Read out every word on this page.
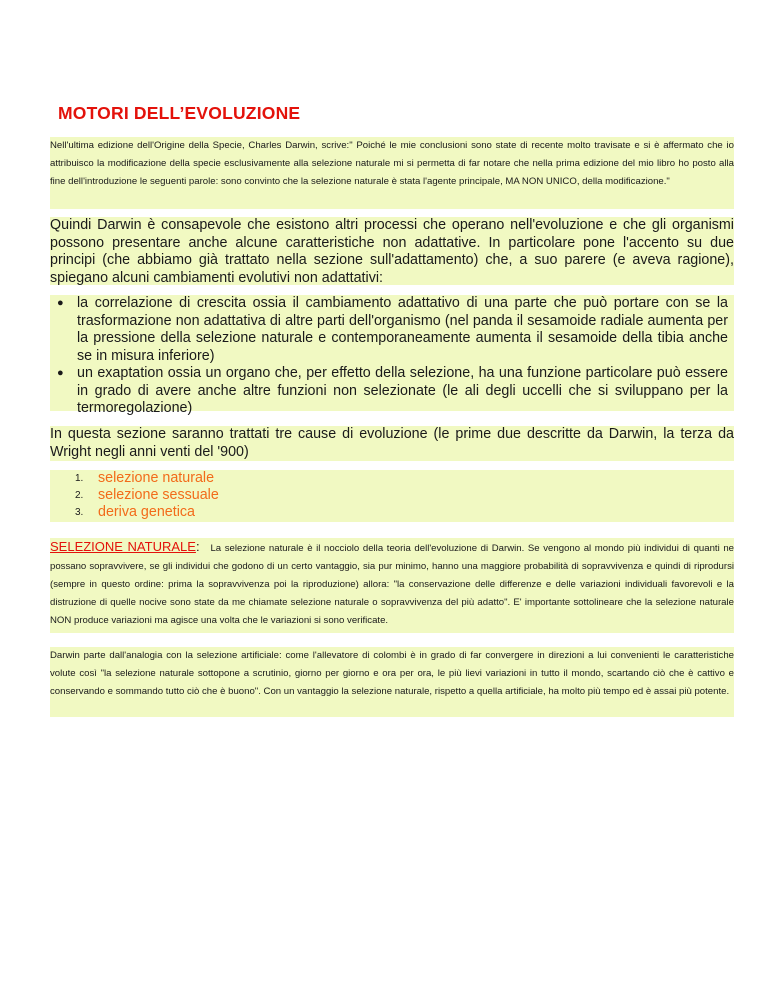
MOTORI DELL’EVOLUZIONE

Nell'ultima edizione dell'Origine della Specie, Charles Darwin, scrive:" Poiché le mie conclusioni sono state di recente molto travisate e si è affermato che io attribuisco la modificazione della specie esclusivamente alla selezione naturale mi si permetta di far notare che nella prima edizione del mio libro ho posto alla fine dell'introduzione le seguenti parole: sono convinto che la selezione naturale è stata l'agente principale, MA NON UNICO, della modificazione."

Quindi Darwin è consapevole che esistono altri processi che operano nell'evoluzione e che gli organismi possono presentare anche alcune caratteristiche non adattative. In particolare pone l'accento su due principi (che abbiamo già trattato nella sezione sull'adattamento) che, a suo parere (e aveva ragione), spiegano alcuni cambiamenti evolutivi non adattativi:

● la correlazione di crescita ossia il cambiamento adattativo di una parte che può portare con se la trasformazione non adattativa di altre parti dell'organismo (nel panda il sesamoide radiale aumenta per la pressione della selezione naturale e contemporaneamente aumenta il sesamoide della tibia anche se in misura inferiore)
● un exaptation ossia un organo che, per effetto della selezione, ha una funzione particolare può essere in grado di avere anche altre funzioni non selezionate (le ali degli uccelli che si sviluppano per la termoregolazione)

In questa sezione saranno trattati tre cause di evoluzione (le prime due descritte da Darwin, la terza da Wright negli anni venti del '900)

1. selezione naturale
2. selezione sessuale
3. deriva genetica

SELEZIONE NATURALE: La selezione naturale è il nocciolo della teoria dell'evoluzione di Darwin. Se vengono al mondo più individui di quanti ne possano sopravvivere, se gli individui che godono di un certo vantaggio, sia pur minimo, hanno una maggiore probabilità di sopravvivenza e quindi di riprodursi (sempre in questo ordine: prima la sopravvivenza poi la riproduzione) allora: "la conservazione delle differenze e delle variazioni individuali favorevoli e la distruzione di quelle nocive sono state da me chiamate selezione naturale o sopravvivenza del più adatto". E' importante sottolineare che la selezione naturale NON produce variazioni ma agisce una volta che le variazioni si sono verificate.

Darwin parte dall'analogia con la selezione artificiale: come l'allevatore di colombi è in grado di far convergere in direzioni a lui convenienti le caratteristiche volute così "la selezione naturale sottopone a scrutinio, giorno per giorno e ora per ora, le più lievi variazioni in tutto il mondo, scartando ciò che è cattivo e conservando e sommando tutto ciò che è buono". Con un vantaggio la selezione naturale, rispetto a quella artificiale, ha molto più tempo ed è assai più potente.
